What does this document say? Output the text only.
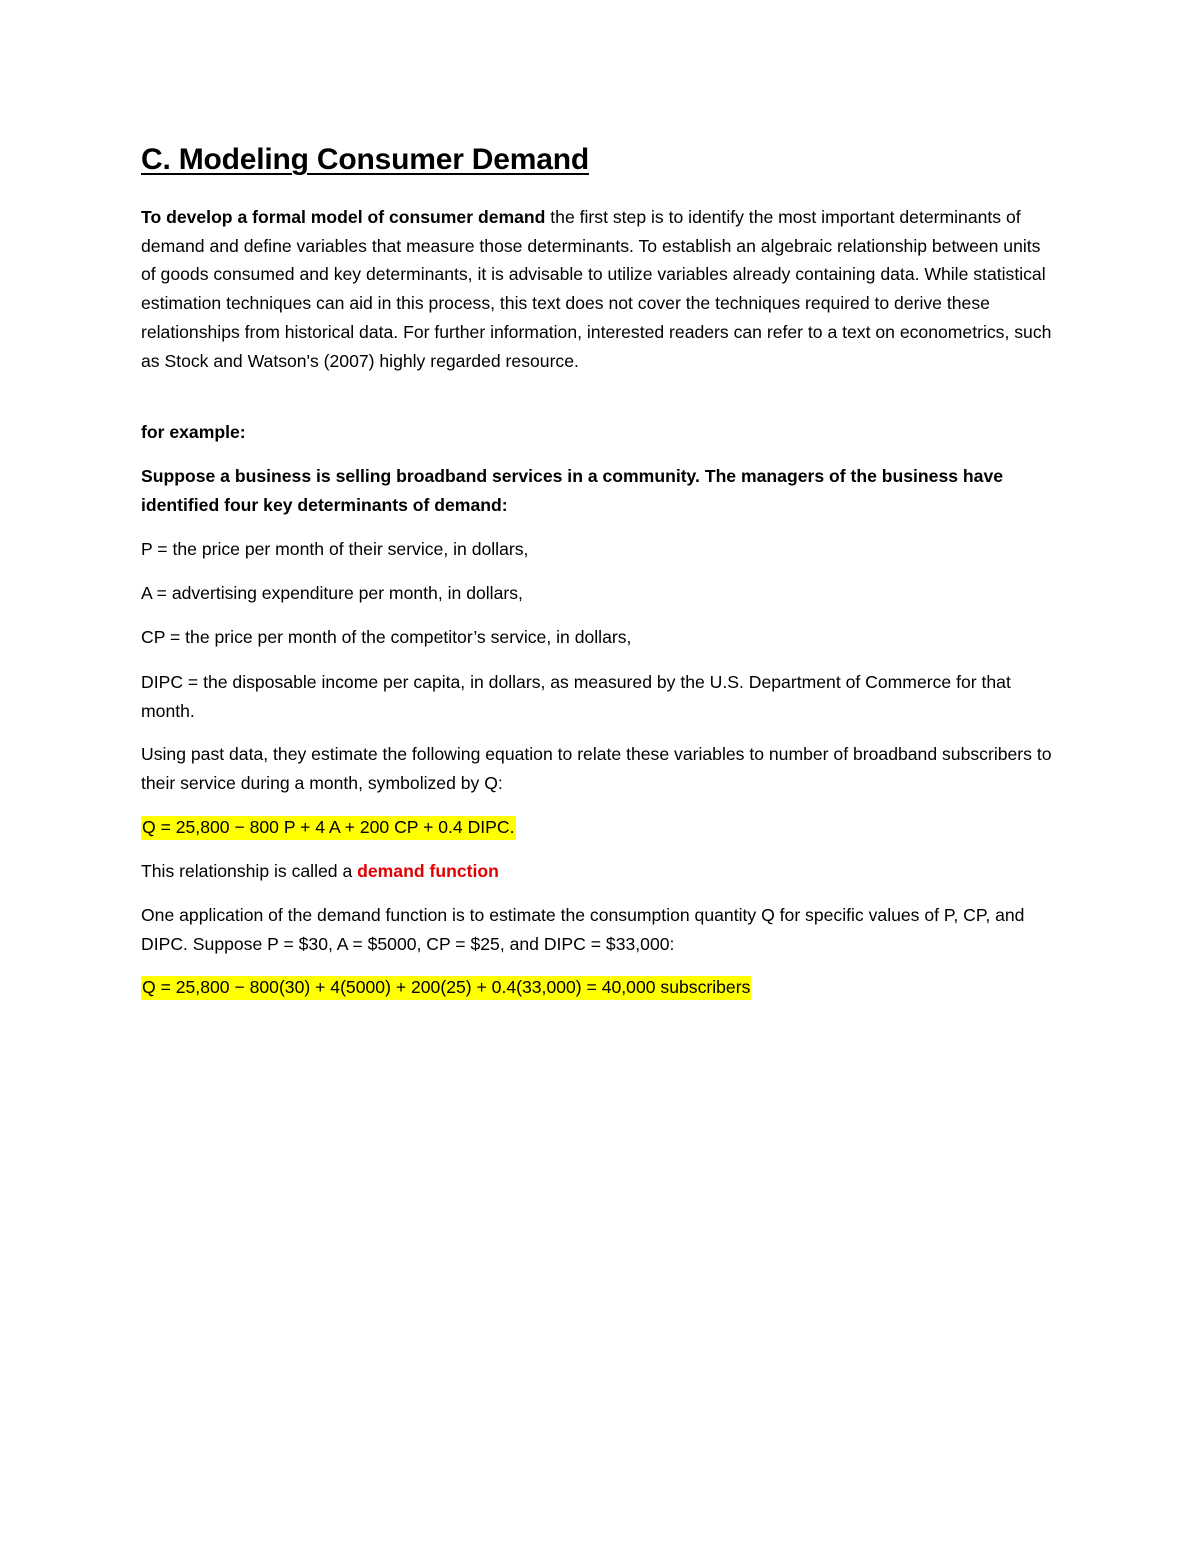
C. Modeling Consumer Demand

To develop a formal model of consumer demand the first step is to identify the most important determinants of demand and define variables that measure those determinants. To establish an algebraic relationship between units of goods consumed and key determinants, it is advisable to utilize variables already containing data. While statistical estimation techniques can aid in this process, this text does not cover the techniques required to derive these relationships from historical data. For further information, interested readers can refer to a text on econometrics, such as Stock and Watson's (2007) highly regarded resource.

for example:

Suppose a business is selling broadband services in a community. The managers of the business have identified four key determinants of demand:

P = the price per month of their service, in dollars,

A = advertising expenditure per month, in dollars,

CP = the price per month of the competitor’s service, in dollars,

DIPC = the disposable income per capita, in dollars, as measured by the U.S. Department of Commerce for that month.

Using past data, they estimate the following equation to relate these variables to number of broadband subscribers to their service during a month, symbolized by Q:

Q = 25,800 − 800 P + 4 A + 200 CP + 0.4 DIPC.

This relationship is called a demand function

One application of the demand function is to estimate the consumption quantity Q for specific values of P, CP, and DIPC. Suppose P = $30, A = $5000, CP = $25, and DIPC = $33,000:

Q = 25,800 − 800(30) + 4(5000) + 200(25) + 0.4(33,000) = 40,000 subscribers
